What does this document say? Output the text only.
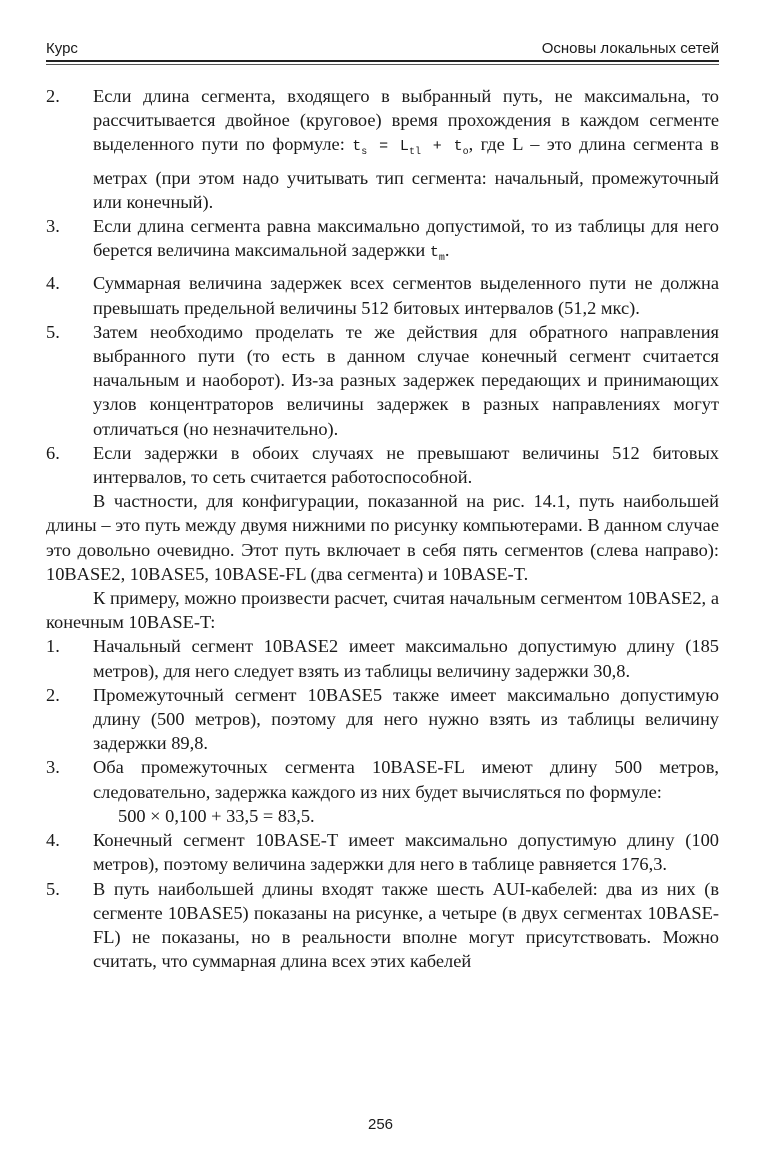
Курс	Основы локальных сетей

2. Если длина сегмента, входящего в выбранный путь, не максимальна, то рассчитывается двойное (круговое) время прохождения в каждом сегменте выделенного пути по формуле: $t_s = L_{tl} + t_o$, где L – это длина сегмента в метрах (при этом надо учитывать тип сегмента: начальный, промежуточный или конечный).

3. Если длина сегмента равна максимально допустимой, то из таблицы для него берется величина максимальной задержки $t_m$.

4. Суммарная величина задержек всех сегментов выделенного пути не должна превышать предельной величины 512 битовых интервалов (51,2 мкс).

5. Затем необходимо проделать те же действия для обратного направления выбранного пути (то есть в данном случае конечный сегмент считается начальным и наоборот). Из-за разных задержек передающих и принимающих узлов концентраторов величины задержек в разных направлениях могут отличаться (но незначительно).

6. Если задержки в обоих случаях не превышают величины 512 битовых интервалов, то сеть считается работоспособной.

В частности, для конфигурации, показанной на рис. 14.1, путь наибольшей длины – это путь между двумя нижними по рисунку компьютерами. В данном случае это довольно очевидно. Этот путь включает в себя пять сегментов (слева направо): 10BASE2, 10BASE5, 10BASE-FL (два сегмента) и 10BASE-T.

К примеру, можно произвести расчет, считая начальным сегментом 10BASE2, а конечным 10BASE-T:

1. Начальный сегмент 10BASE2 имеет максимально допустимую длину (185 метров), для него следует взять из таблицы величину задержки 30,8.

2. Промежуточный сегмент 10BASE5 также имеет максимально допустимую длину (500 метров), поэтому для него нужно взять из таблицы величину задержки 89,8.

3. Оба промежуточных сегмента 10BASE-FL имеют длину 500 метров, следовательно, задержка каждого из них будет вычисляться по формуле:

500 × 0,100 + 33,5 = 83,5.

4. Конечный сегмент 10BASE-T имеет максимально допустимую длину (100 метров), поэтому величина задержки для него в таблице равняется 176,3.

5. В путь наибольшей длины входят также шесть AUI-кабелей: два из них (в сегменте 10BASE5) показаны на рисунке, а четыре (в двух сегментах 10BASE-FL) не показаны, но в реальности вполне могут присутствовать. Можно считать, что суммарная длина всех этих кабелей

256
